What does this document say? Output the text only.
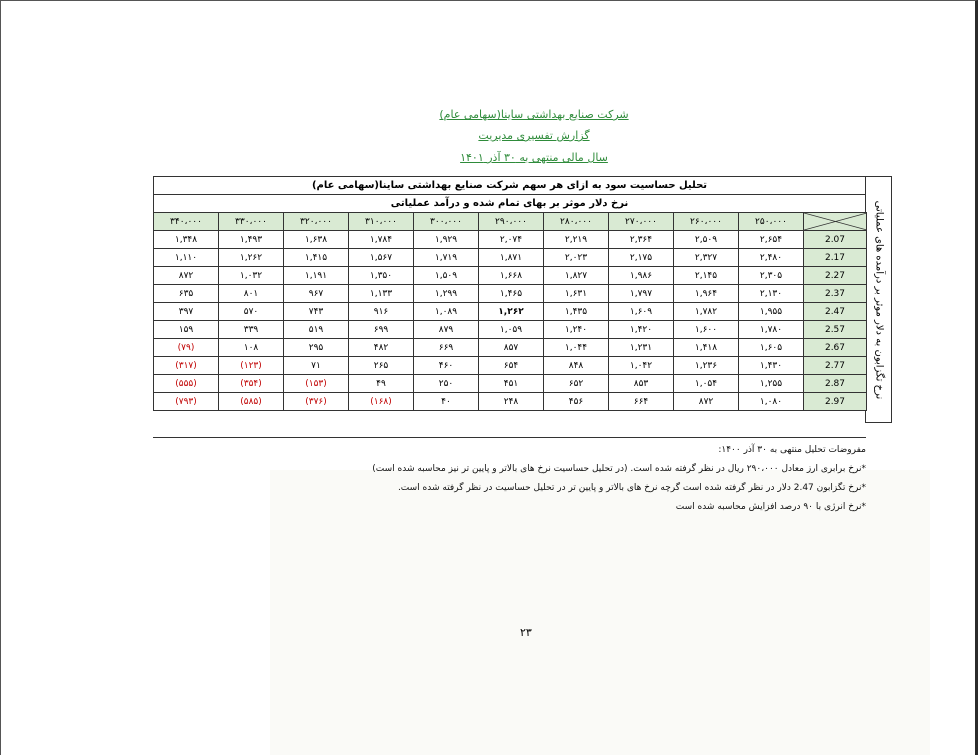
شرکت صنایع بهداشتی ساینا(سهامی عام)
گزارش تفسیری مدیریت
سال مالی منتهی به ۳۰ آذر ۱۴۰۱
تحلیل حساسیت سود به ازای هر سهم شرکت صنایع بهداشتی ساینا(سهامی عام)
نرخ دلار موثر بر بهای تمام شده و درآمد عملیاتی	نرخ تگزابون به دلار موثر بر درآمده های عملیاتی
۳۴۰،۰۰۰	۳۳۰،۰۰۰	۳۲۰،۰۰۰	۳۱۰،۰۰۰	۳۰۰،۰۰۰	۲۹۰،۰۰۰	۲۸۰،۰۰۰	۲۷۰،۰۰۰	۲۶۰،۰۰۰	۲۵۰،۰۰۰	

۱,۳۴۸	۱,۴۹۳	۱,۶۳۸	۱,۷۸۴	۱,۹۲۹	۲,۰۷۴	۲,۲۱۹	۲,۳۶۴	۲,۵۰۹	۲,۶۵۴	2.07
۱,۱۱۰	۱,۲۶۲	۱,۴۱۵	۱,۵۶۷	۱,۷۱۹	۱,۸۷۱	۲,۰۲۳	۲,۱۷۵	۲,۳۲۷	۲,۴۸۰	2.17
۸۷۲	۱,۰۳۲	۱,۱۹۱	۱,۳۵۰	۱,۵۰۹	۱,۶۶۸	۱,۸۲۷	۱,۹۸۶	۲,۱۴۵	۲,۳۰۵	2.27
۶۳۵	۸۰۱	۹۶۷	۱,۱۳۳	۱,۲۹۹	۱,۴۶۵	۱,۶۳۱	۱,۷۹۷	۱,۹۶۴	۲,۱۳۰	2.37
۳۹۷	۵۷۰	۷۴۳	۹۱۶	۱,۰۸۹	۱,۲۶۲	۱,۴۳۵	۱,۶۰۹	۱,۷۸۲	۱,۹۵۵	2.47
۱۵۹	۳۳۹	۵۱۹	۶۹۹	۸۷۹	۱,۰۵۹	۱,۲۴۰	۱,۴۲۰	۱,۶۰۰	۱,۷۸۰	2.57
(۷۹)	۱۰۸	۲۹۵	۴۸۲	۶۶۹	۸۵۷	۱,۰۴۴	۱,۲۳۱	۱,۴۱۸	۱,۶۰۵	2.67
(۳۱۷)	(۱۲۳)	۷۱	۲۶۵	۴۶۰	۶۵۴	۸۴۸	۱,۰۴۲	۱,۲۳۶	۱,۴۳۰	2.77
(۵۵۵)	(۳۵۴)	(۱۵۳)	۴۹	۲۵۰	۴۵۱	۶۵۲	۸۵۳	۱,۰۵۴	۱,۲۵۵	2.87
(۷۹۳)	(۵۸۵)	(۳۷۶)	(۱۶۸)	۴۰	۲۴۸	۴۵۶	۶۶۴	۸۷۲	۱,۰۸۰	2.97
مفروضات تحلیل منتهی به ۳۰ آذر ۱۴۰۰:
*نرخ برابری ارز معادل ۲۹۰،۰۰۰ ریال در نظر گرفته شده است. (در تحلیل حساسیت نرخ های بالاتر و پایین تر نیز محاسبه شده است)
*نرخ تگزابون 2.47 دلار در نظر گرفته شده است گرچه نرخ های بالاتر و پایین تر در تحلیل حساسیت در نظر گرفته شده است.
*نرخ انرژی با ۹۰ درصد افزایش محاسبه شده است
۲۳
